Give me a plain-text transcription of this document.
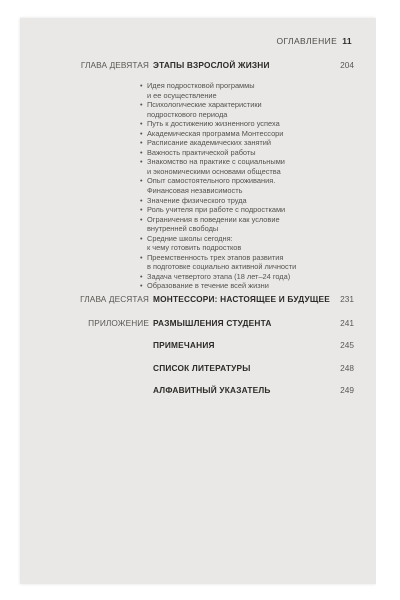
ОГЛАВЛЕНИЕ 11
ГЛАВА ДЕВЯТАЯ ЭТАПЫ ВЗРОСЛОЙ ЖИЗНИ	204
• Идея подростковой программы
и ее осуществление
• Психологические характеристики
подросткового периода
• Путь к достижению жизненного успеха
• Академическая программа Монтессори
• Расписание академических занятий
• Важность практической работы
• Знакомство на практике с социальными
и экономическими основами общества
• Опыт самостоятельного проживания.
Финансовая независимость
• Значение физического труда
• Роль учителя при работе с подростками
• Ограничения в поведении как условие
внутренней свободы
• Средние школы сегодня:
к чему готовить подростков
• Преемственность трех этапов развития
в подготовке социально активной личности
• Задача четвертого этапа (18 лет–24 года)
• Образование в течение всей жизни
ГЛАВА ДЕСЯТАЯ МОНТЕССОРИ: НАСТОЯЩЕЕ И БУДУЩЕЕ 231
ПРИЛОЖЕНИЕ РАЗМЫШЛЕНИЯ СТУДЕНТА	241
ПРИМЕЧАНИЯ	245
СПИСОК ЛИТЕРАТУРЫ	248
АЛФАВИТНЫЙ УКАЗАТЕЛЬ	249
